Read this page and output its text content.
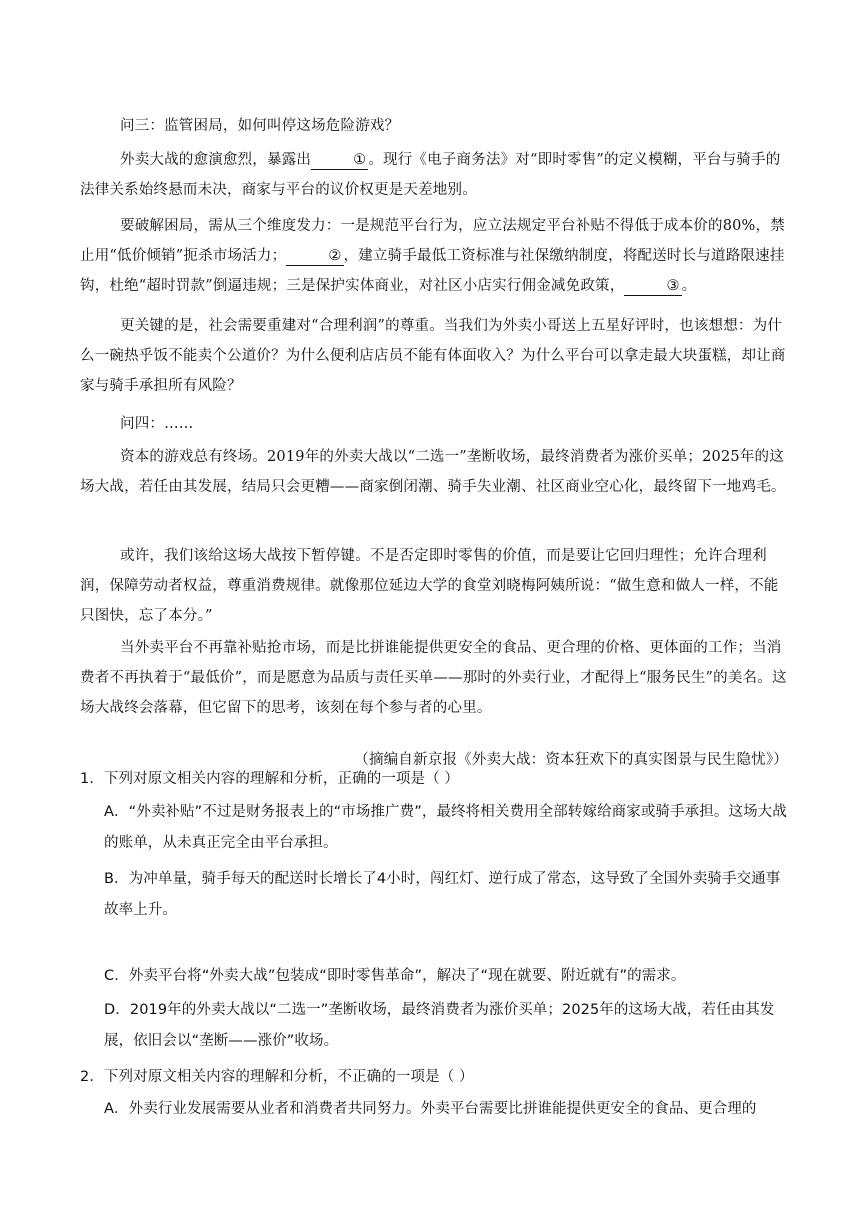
问三：监管困局，如何叫停这场危险游戏？

外卖大战的愈演愈烈，暴露出	① 。现行《电子商务法》对“即时零售”的定义模糊，平台与骑手的法律关系始终悬而未决，商家与平台的议价权更是天差地别。

要破解困局，需从三个维度发力：一是规范平台行为，应立法规定平台补贴不得低于成本价的80%，禁止用“低价倾销”扼杀市场活力；	② ，建立骑手最低工资标准与社保缴纳制度，将配送时长与道路限速挂钩，杜绝“超时罚款”倒逼违规；三是保护实体商业，对社区小店实行佣金减免政策，	③ 。

更关键的是，社会需要重建对“合理利润”的尊重。当我们为外卖小哥送上五星好评时，也该想想：为什么一碗热乎饭不能卖个公道价？为什么便利店店员不能有体面收入？为什么平台可以拿走最大块蛋糕，却让商家与骑手承担所有风险？

问四：……

资本的游戏总有终场。2019年的外卖大战以“二选一”垄断收场，最终消费者为涨价买单；2025年的这场大战，若任由其发展，结局只会更糟——商家倒闭潮、骑手失业潮、社区商业空心化，最终留下一地鸡毛。

或许，我们该给这场大战按下暂停键。不是否定即时零售的价值，而是要让它回归理性；允许合理利润，保障劳动者权益，尊重消费规律。就像那位延边大学的食堂刘晓梅阿姨所说：“做生意和做人一样，不能只图快，忘了本分。”

当外卖平台不再靠补贴抢市场，而是比拼谁能提供更安全的食品、更合理的价格、更体面的工作；当消费者不再执着于“最低价”，而是愿意为品质与责任买单——那时的外卖行业，才配得上“服务民生”的美名。这场大战终会落幕，但它留下的思考，该刻在每个参与者的心里。

（摘编自新京报《外卖大战：资本狂欢下的真实图景与民生隐忧》）

1．下列对原文相关内容的理解和分析，正确的一项是（ ）

A．“外卖补贴”不过是财务报表上的“市场推广费”，最终将相关费用全部转嫁给商家或骑手承担。这场大战的账单，从未真正完全由平台承担。

B．为冲单量，骑手每天的配送时长增长了4小时，闯红灯、逆行成了常态，这导致了全国外卖骑手交通事故率上升。

C．外卖平台将“外卖大战”包装成“即时零售革命”，解决了“现在就要、附近就有”的需求。

D．2019年的外卖大战以“二选一”垄断收场，最终消费者为涨价买单；2025年的这场大战，若任由其发展，依旧会以“垄断——涨价”收场。

2．下列对原文相关内容的理解和分析，不正确的一项是（ ）

A．外卖行业发展需要从业者和消费者共同努力。外卖平台需要比拼谁能提供更安全的食品、更合理的
